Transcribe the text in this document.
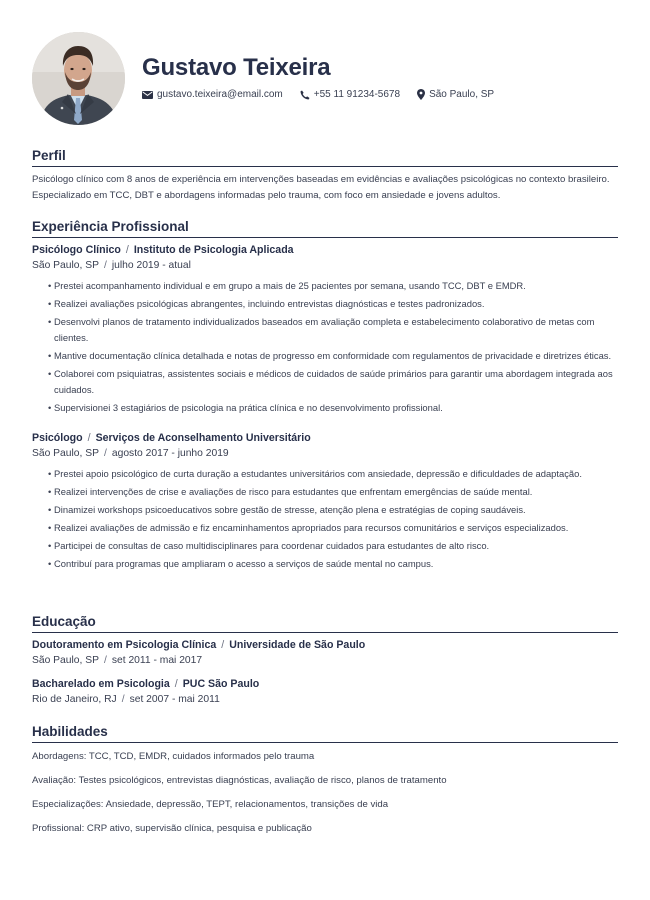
Gustavo Teixeira
gustavo.teixeira@email.com	+55 11 91234-5678	São Paulo, SP
Perfil

Psicólogo clínico com 8 anos de experiência em intervenções baseadas em evidências e avaliações psicológicas no contexto brasileiro. Especializado em TCC, DBT e abordagens informadas pelo trauma, com foco em ansiedade e jovens adultos.

Experiência Profissional
Psicólogo Clínico / Instituto de Psicologia Aplicada
São Paulo, SP / julho 2019 - atual
• Prestei acompanhamento individual e em grupo a mais de 25 pacientes por semana, usando TCC, DBT e EMDR.
• Realizei avaliações psicológicas abrangentes, incluindo entrevistas diagnósticas e testes padronizados.
• Desenvolvi planos de tratamento individualizados baseados em avaliação completa e estabelecimento colaborativo de metas com clientes.
• Mantive documentação clínica detalhada e notas de progresso em conformidade com regulamentos de privacidade e diretrizes éticas.
• Colaborei com psiquiatras, assistentes sociais e médicos de cuidados de saúde primários para garantir uma abordagem integrada aos cuidados.
• Supervisionei 3 estagiários de psicologia na prática clínica e no desenvolvimento profissional.
Psicólogo / Serviços de Aconselhamento Universitário
São Paulo, SP / agosto 2017 - junho 2019
• Prestei apoio psicológico de curta duração a estudantes universitários com ansiedade, depressão e dificuldades de adaptação.
• Realizei intervenções de crise e avaliações de risco para estudantes que enfrentam emergências de saúde mental.
• Dinamizei workshops psicoeducativos sobre gestão de stresse, atenção plena e estratégias de coping saudáveis.
• Realizei avaliações de admissão e fiz encaminhamentos apropriados para recursos comunitários e serviços especializados.
• Participei de consultas de caso multidisciplinares para coordenar cuidados para estudantes de alto risco.
• Contribuí para programas que ampliaram o acesso a serviços de saúde mental no campus.
Educação
Doutoramento em Psicologia Clínica / Universidade de São Paulo
São Paulo, SP / set 2011 - mai 2017
Bacharelado em Psicologia / PUC São Paulo
Rio de Janeiro, RJ / set 2007 - mai 2011
Habilidades
Abordagens: TCC, TCD, EMDR, cuidados informados pelo trauma
Avaliação: Testes psicológicos, entrevistas diagnósticas, avaliação de risco, planos de tratamento
Especializações: Ansiedade, depressão, TEPT, relacionamentos, transições de vida
Profissional: CRP ativo, supervisão clínica, pesquisa e publicação
